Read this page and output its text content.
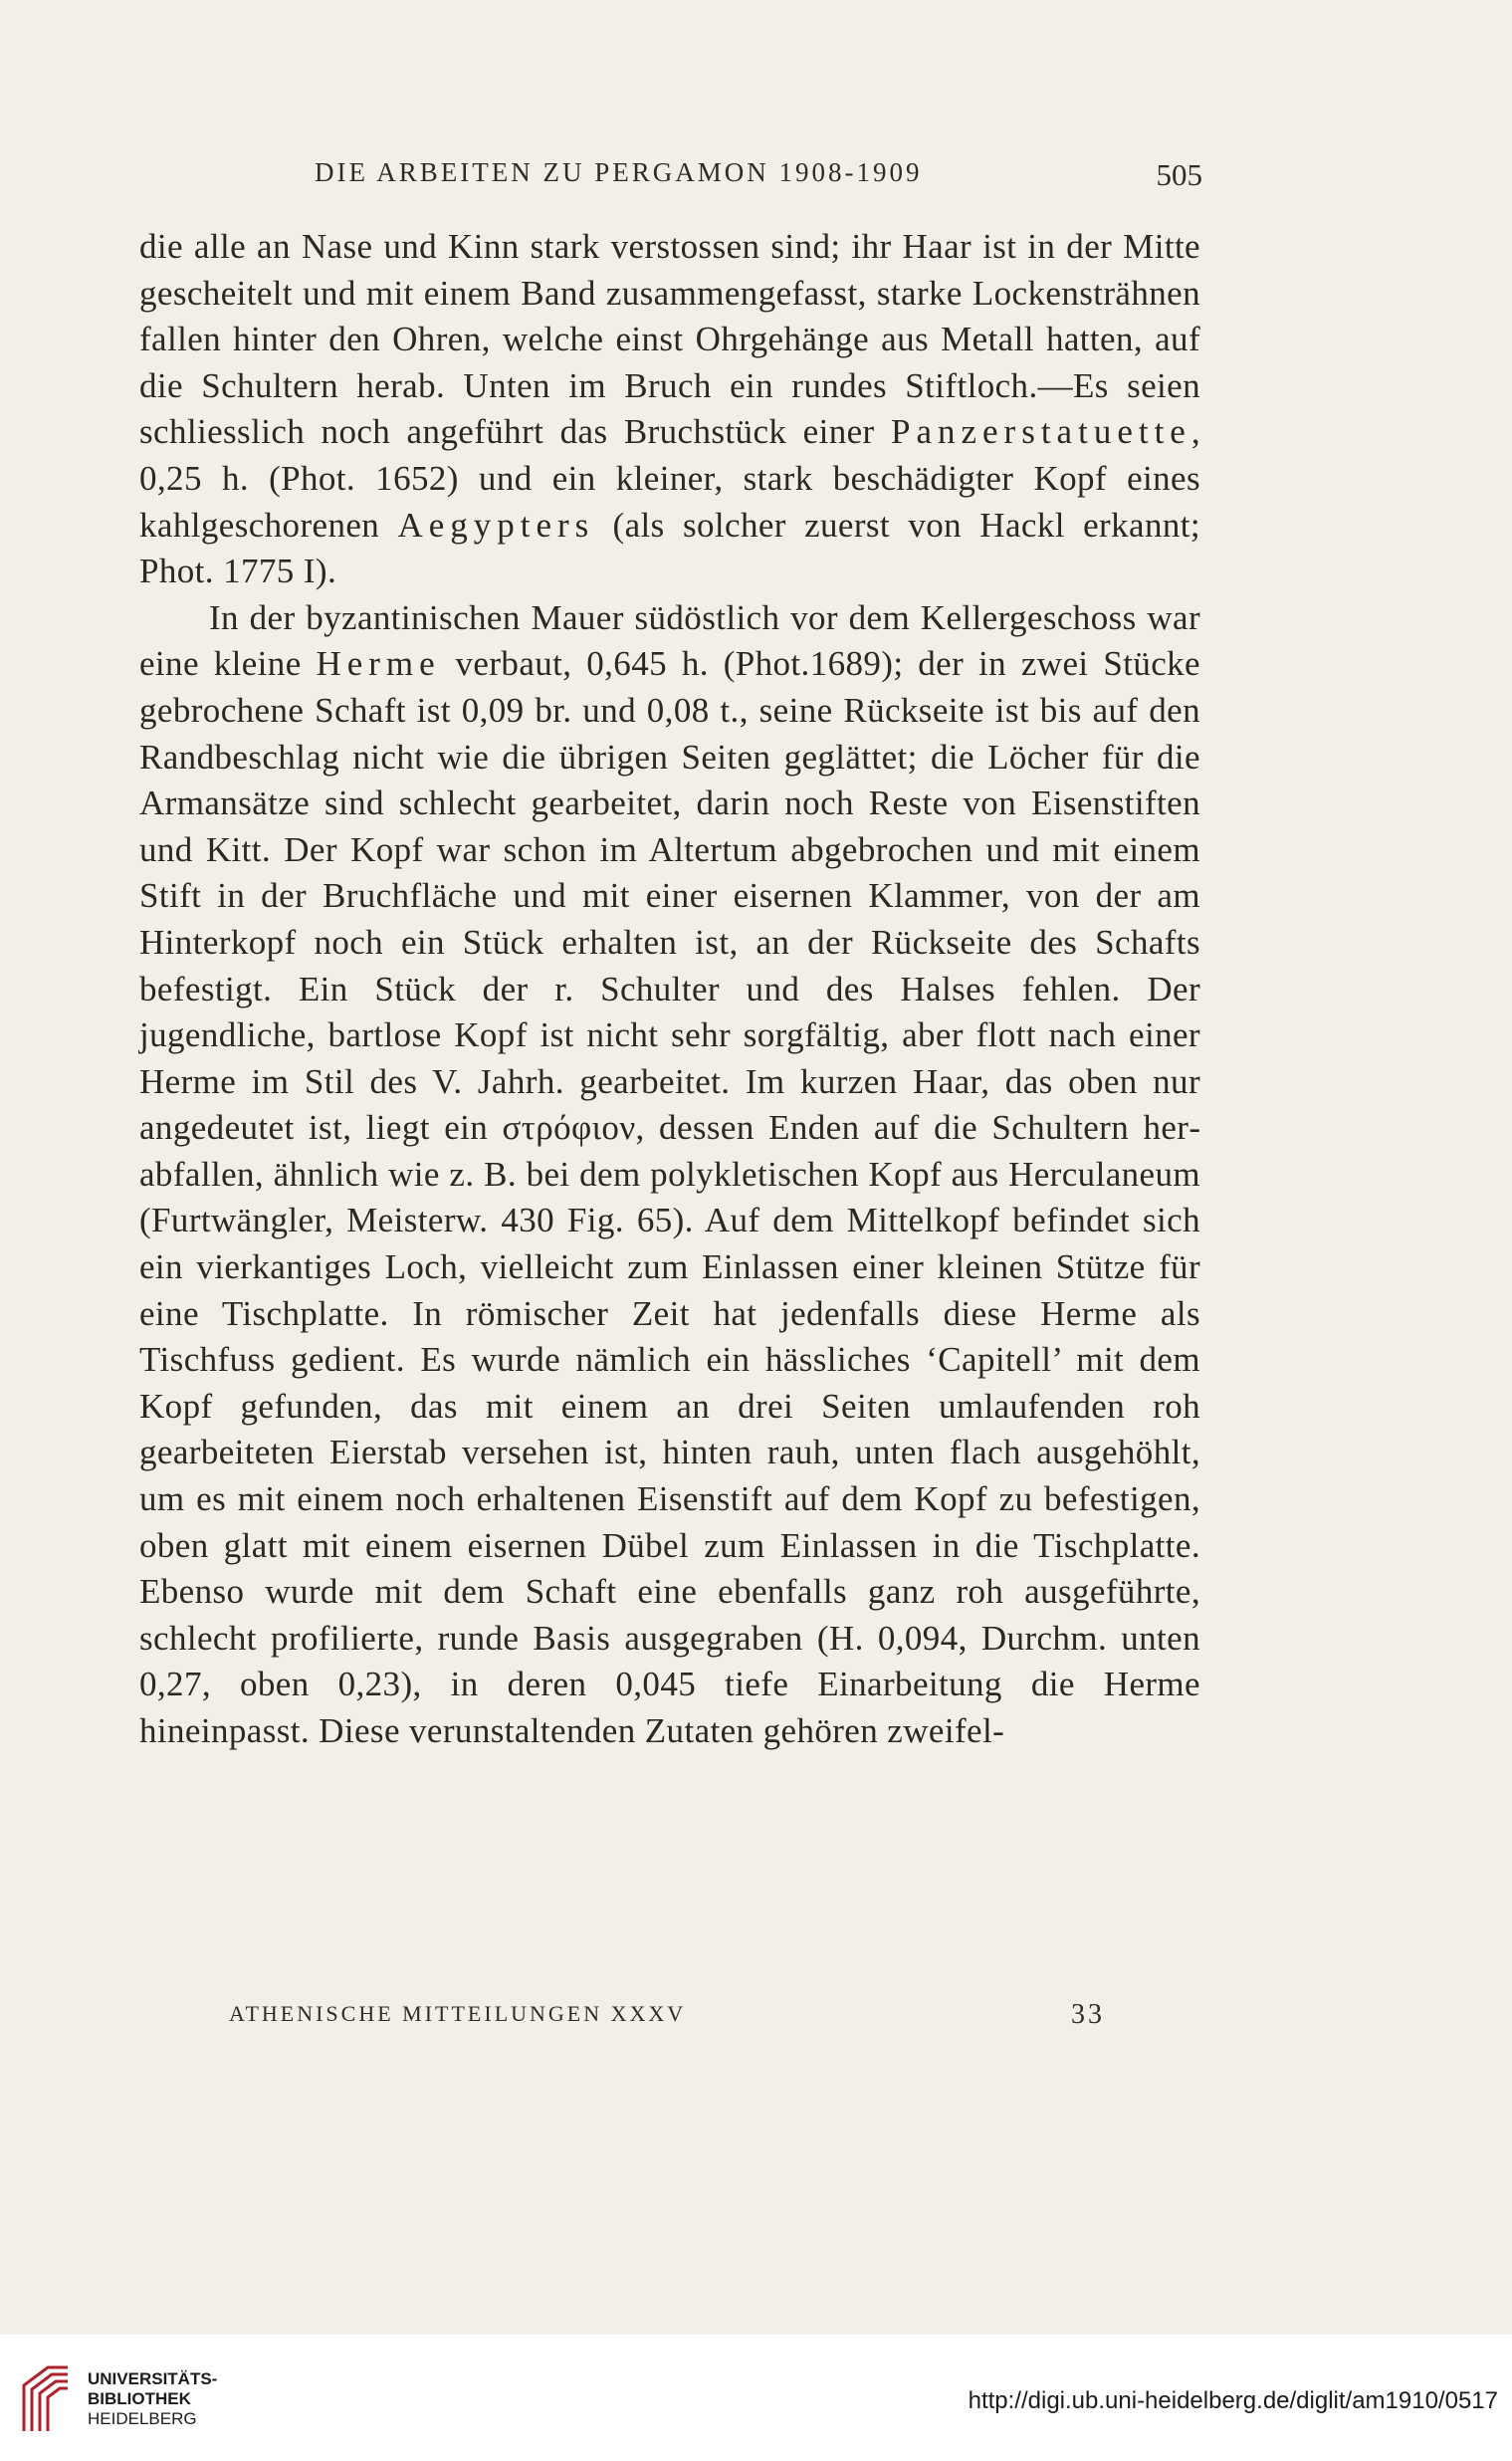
DIE ARBEITEN ZU PERGAMON 1908-1909	505

die alle an Nase und Kinn stark verstossen sind; ihr Haar ist in der Mitte gescheitelt und mit einem Band zusammengefasst, starke Lockensträhnen fallen hinter den Ohren, welche einst Ohrgehänge aus Metall hatten, auf die Schultern herab. Unten im Bruch ein rundes Stiftloch.—Es seien schliesslich noch angeführt das Bruchstück einer Panzerstatuette, 0,25 h. (Phot. 1652) und ein kleiner, stark beschädigter Kopf eines kahlgeschorenen Aegypters (als solcher zuerst von Hackl erkannt; Phot. 1775 I).

In der byzantinischen Mauer südöstlich vor dem Kellergeschoss war eine kleine Herme verbaut, 0,645 h. (Phot.1689); der in zwei Stücke gebrochene Schaft ist 0,09 br. und 0,08 t., seine Rückseite ist bis auf den Randbeschlag nicht wie die übrigen Seiten geglättet; die Löcher für die Armansätze sind schlecht gearbeitet, darin noch Reste von Eisenstiften und Kitt. Der Kopf war schon im Altertum abgebrochen und mit einem Stift in der Bruchfläche und mit einer eisernen Klammer, von der am Hinterkopf noch ein Stück erhalten ist, an der Rückseite des Schafts befestigt. Ein Stück der r. Schulter und des Halses fehlen. Der jugendliche, bartlose Kopf ist nicht sehr sorgfältig, aber flott nach einer Herme im Stil des V. Jahrh. gearbeitet. Im kurzen Haar, das oben nur angedeutet ist, liegt ein στρόφιον, dessen Enden auf die Schultern herabfallen, ähnlich wie z. B. bei dem polykletischen Kopf aus Herculaneum (Furtwängler, Meisterw. 430 Fig. 65). Auf dem Mittelkopf befindet sich ein vierkantiges Loch, vielleicht zum Einlassen einer kleinen Stütze für eine Tischplatte. In römischer Zeit hat jedenfalls diese Herme als Tischfuss gedient. Es wurde nämlich ein hässliches ‘Capitell’ mit dem Kopf gefunden, das mit einem an drei Seiten umlaufenden roh gearbeiteten Eierstab versehen ist, hinten rauh, unten flach ausgehöhlt, um es mit einem noch erhaltenen Eisenstift auf dem Kopf zu befestigen, oben glatt mit einem eisernen Dübel zum Einlassen in die Tischplatte. Ebenso wurde mit dem Schaft eine ebenfalls ganz roh ausgeführte, schlecht profilierte, runde Basis ausgegraben (H. 0,094, Durchm. unten 0,27, oben 0,23), in deren 0,045 tiefe Einarbeitung die Herme hineinpasst. Diese verunstaltenden Zutaten gehören zweifel-

ATHENISCHE MITTEILUNGEN XXXV	33
UNIVERSITÄTS-
BIBLIOTHEK
HEIDELBERG
http://digi.ub.uni-heidelberg.de/diglit/am1910/0517
